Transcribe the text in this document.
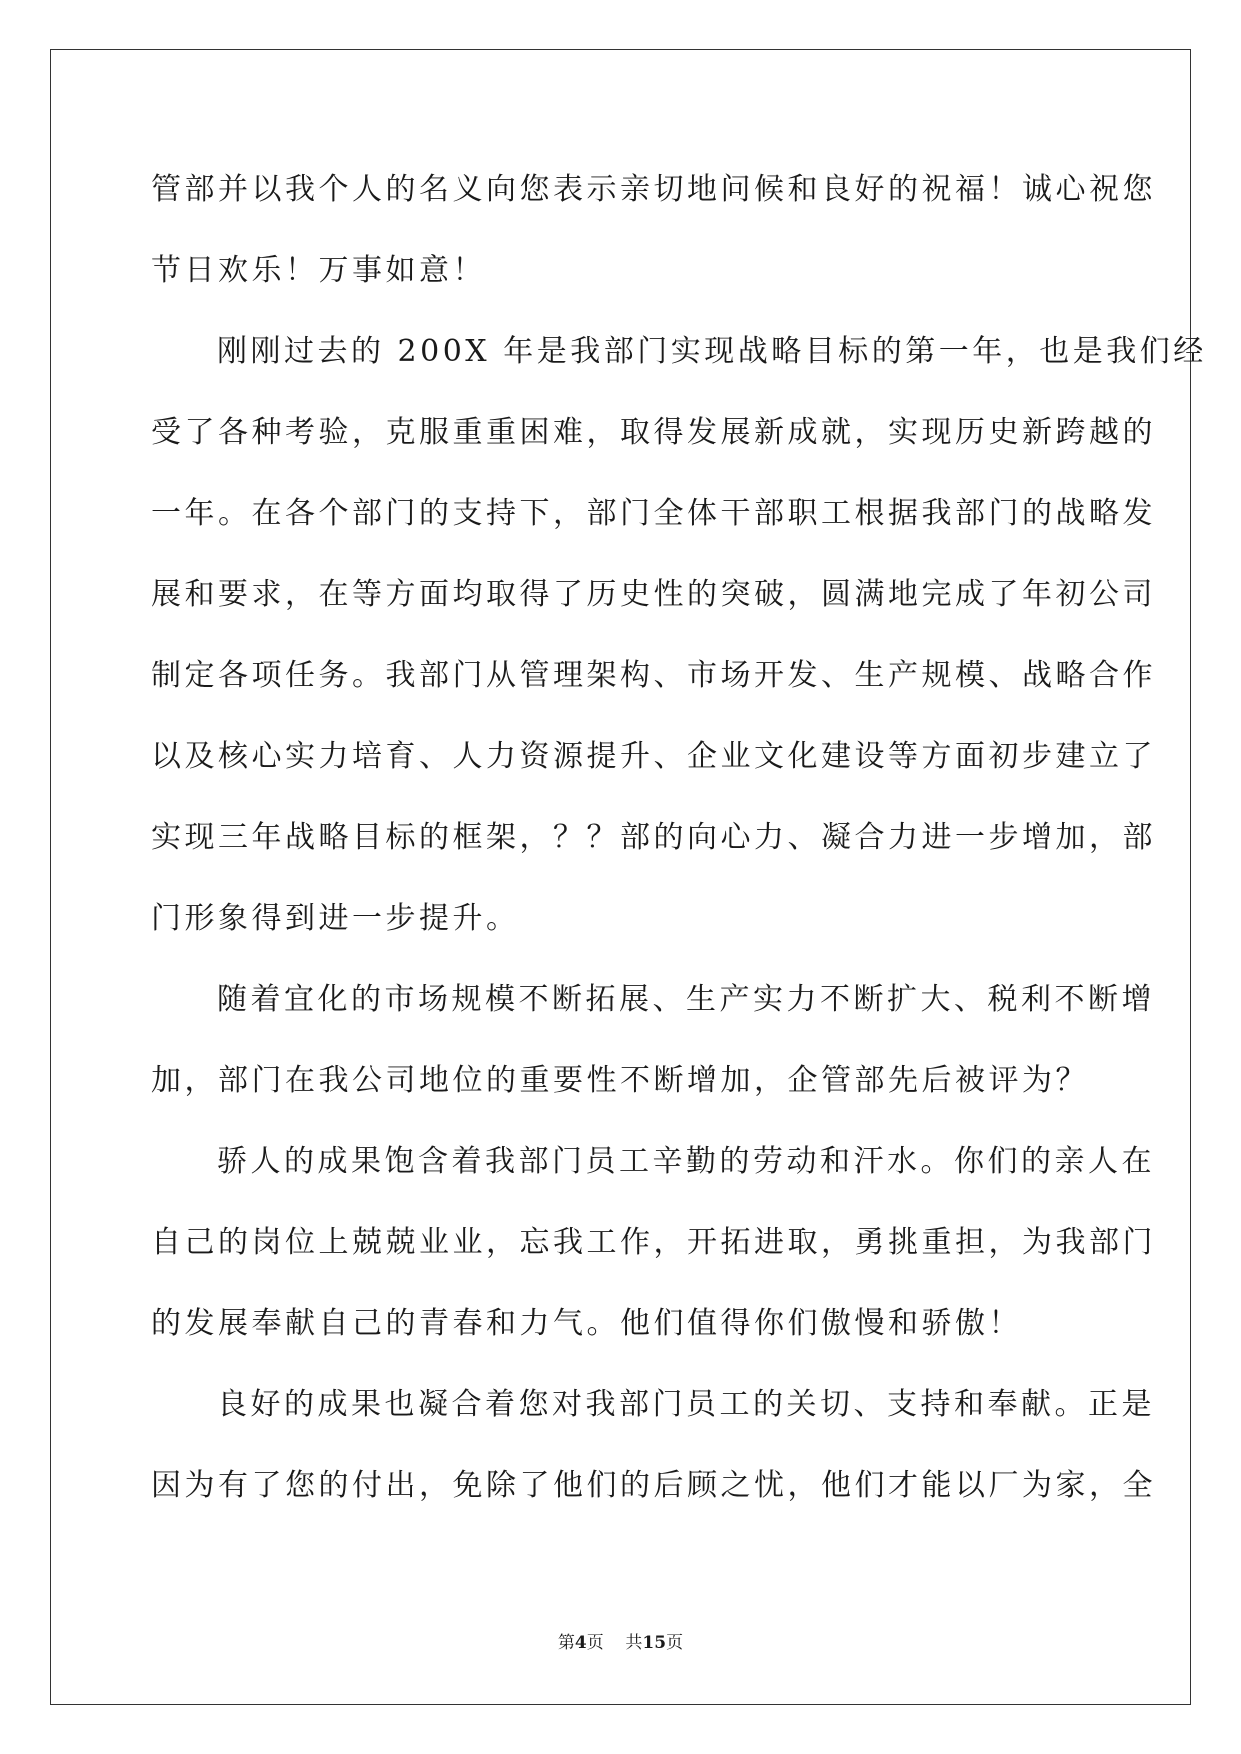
管部并以我个人的名义向您表示亲切地问候和良好的祝福！诚心祝您
节日欢乐！万事如意！
刚刚过去的 200X 年是我部门实现战略目标的第一年，也是我们经
受了各种考验，克服重重困难，取得发展新成就，实现历史新跨越的
一年。在各个部门的支持下，部门全体干部职工根据我部门的战略发
展和要求，在等方面均取得了历史性的突破，圆满地完成了年初公司
制定各项任务。我部门从管理架构、市场开发、生产规模、战略合作
以及核心实力培育、人力资源提升、企业文化建设等方面初步建立了
实现三年战略目标的框架，？？部的向心力、凝合力进一步增加，部
门形象得到进一步提升。
随着宜化的市场规模不断拓展、生产实力不断扩大、税利不断增
加，部门在我公司地位的重要性不断增加，企管部先后被评为？
骄人的成果饱含着我部门员工辛勤的劳动和汗水。你们的亲人在
自己的岗位上兢兢业业，忘我工作，开拓进取，勇挑重担，为我部门
的发展奉献自己的青春和力气。他们值得你们傲慢和骄傲！
良好的成果也凝合着您对我部门员工的关切、支持和奉献。正是
因为有了您的付出，免除了他们的后顾之忧，他们才能以厂为家，全
第4页 共15页
